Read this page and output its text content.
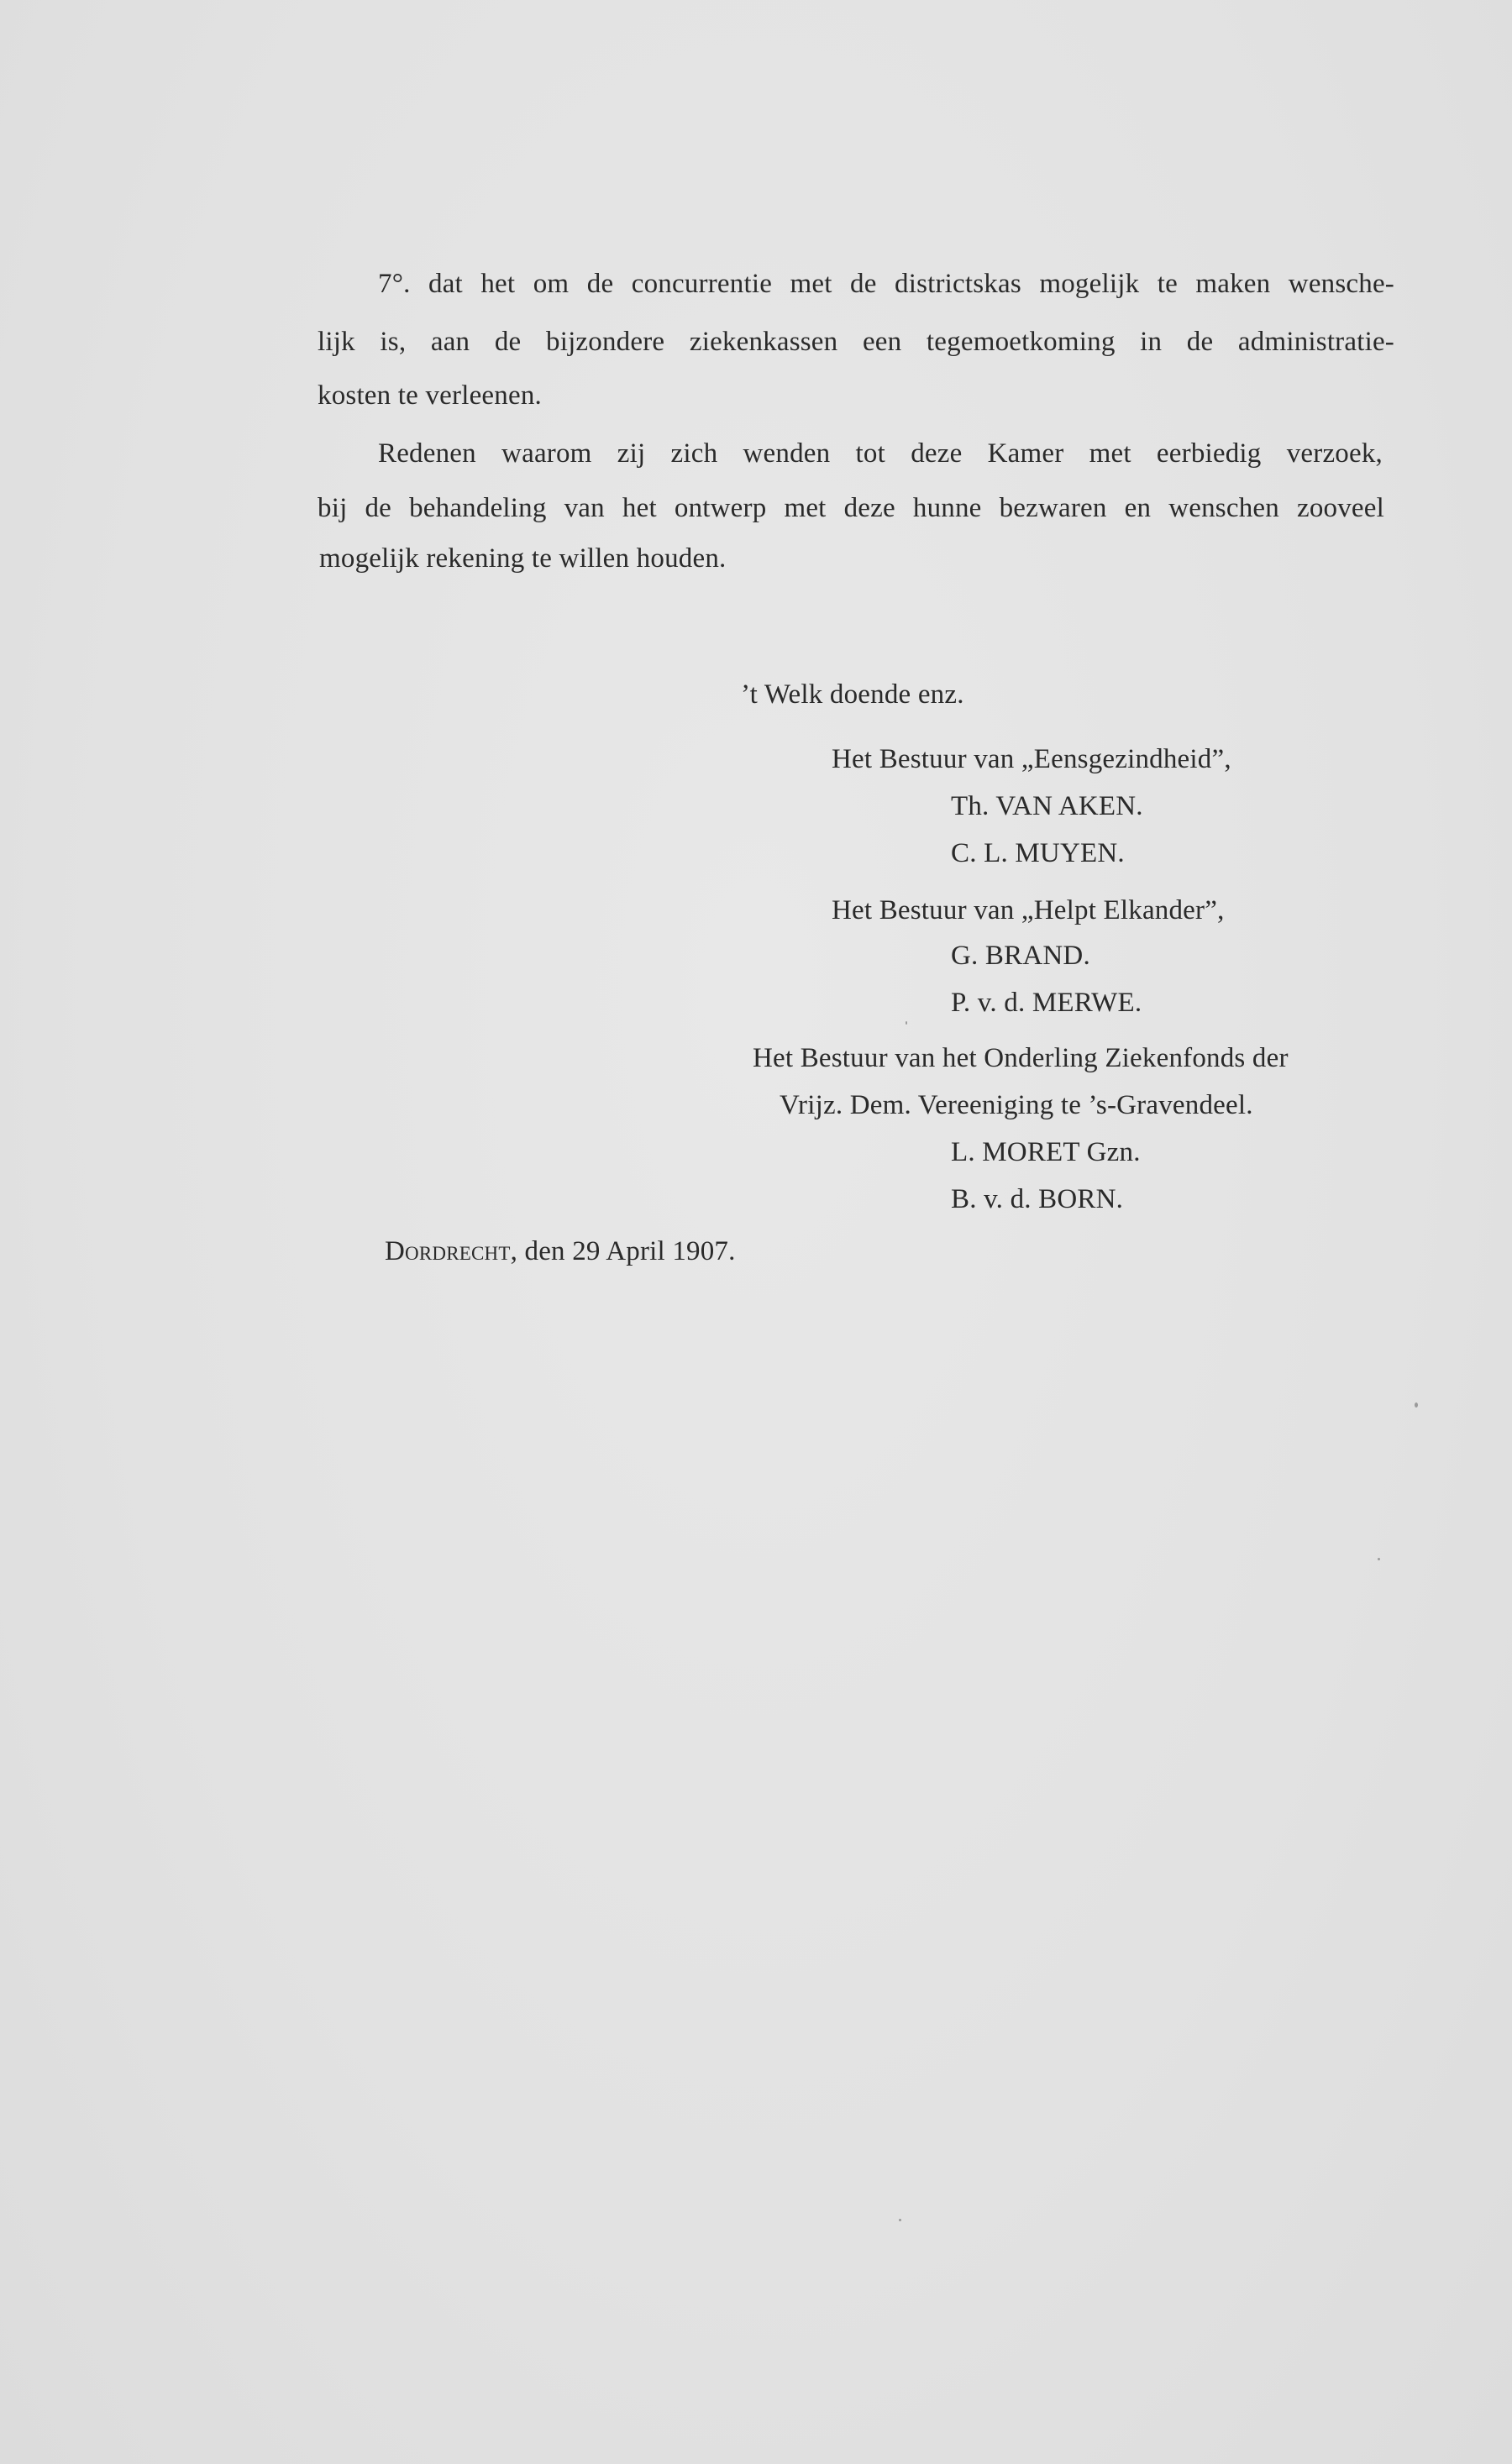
7°. dat het om de concurrentie met de districtskas mogelijk te maken wensche-
lijk is, aan de bijzondere ziekenkassen een tegemoetkoming in de administratie-
kosten te verleenen.
Redenen waarom zij zich wenden tot deze Kamer met eerbiedig verzoek,
bij de behandeling van het ontwerp met deze hunne bezwaren en wenschen zooveel
mogelijk rekening te willen houden.
’t Welk doende enz.
Het Bestuur van „Eensgezindheid”,
Th. VAN AKEN.
C. L. MUYEN.
Het Bestuur van „Helpt Elkander”,
G. BRAND.
P. v. d. MERWE.
Het Bestuur van het Onderling Ziekenfonds der
Vrijz. Dem. Vereeniging te ’s-Gravendeel.
L. MORET Gzn.
B. v. d. BORN.
Dordrecht, den 29 April 1907.
